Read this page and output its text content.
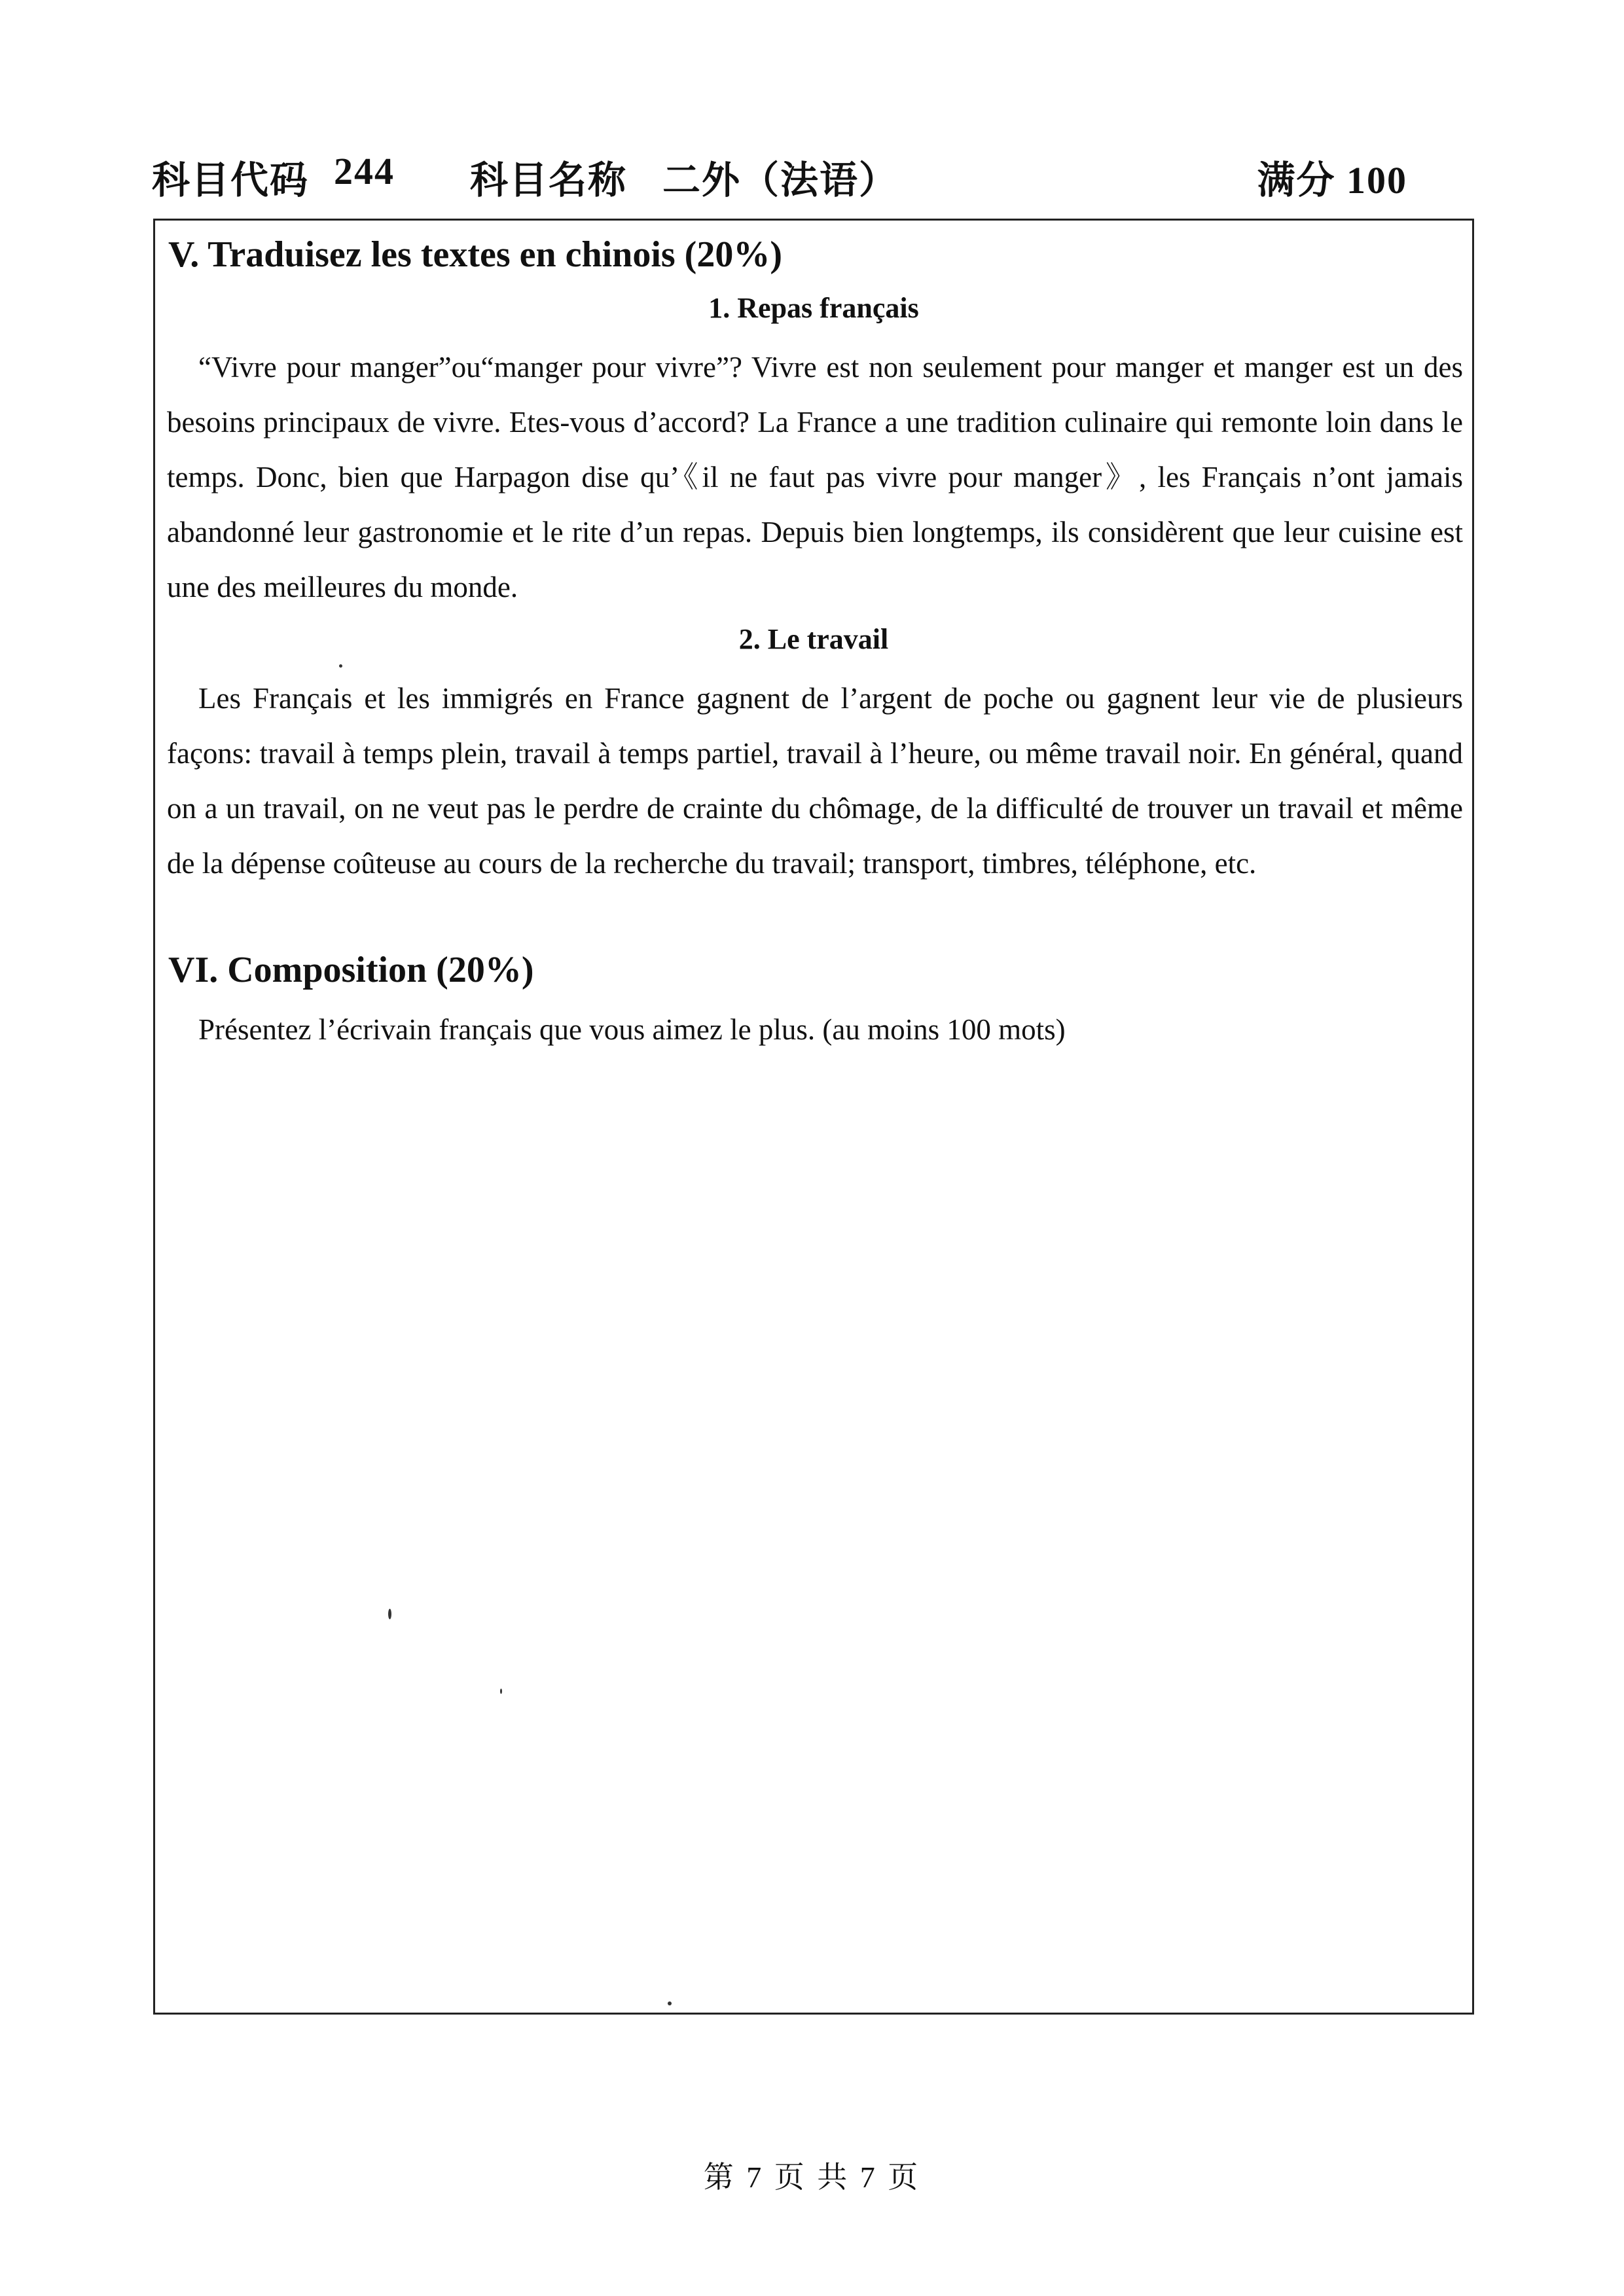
科目代码 244 科目名称 二外（法语）	满分 100
V. Traduisez les textes en chinois (20%)
1. Repas français
“Vivre pour manger”ou“manger pour vivre”? Vivre est non seulement pour manger et manger est un des besoins principaux de vivre. Etes-vous d’accord? La France a une tradition culinaire qui remonte loin dans le temps. Donc, bien que Harpagon dise qu’《il ne faut pas vivre pour manger》, les Français n’ont jamais abandonné leur gastronomie et le rite d’un repas. Depuis bien longtemps, ils considèrent que leur cuisine est une des meilleures du monde.
2. Le travail
Les Français et les immigrés en France gagnent de l’argent de poche ou gagnent leur vie de plusieurs façons: travail à temps plein, travail à temps partiel, travail à l’heure, ou même travail noir. En général, quand on a un travail, on ne veut pas le perdre de crainte du chômage, de la difficulté de trouver un travail et même de la dépense coûteuse au cours de la recherche du travail; transport, timbres, téléphone, etc.
VI. Composition (20%)
Présentez l’écrivain français que vous aimez le plus. (au moins 100 mots)
第 7 页 共 7 页
